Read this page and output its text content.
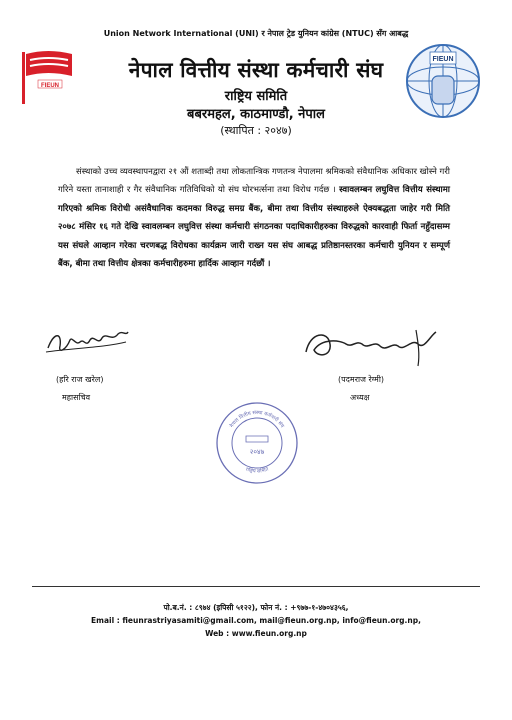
Union Network International (UNI) र नेपाल ट्रेड युनियन कांग्रेस (NTUC) सँग आबद्ध
FIEUN
नेपाल वित्तीय संस्था कर्मचारी संघ
राष्ट्रिय समिति
बबरमहल, काठमाण्डौ, नेपाल
(स्थापित : २०४७)
FIEUN
संस्थाको उच्च व्यवस्थापनद्वारा २१ औं शताब्दी तथा लोकतान्त्रिक गणतन्त्र नेपालमा श्रमिकको संवैधानिक अधिकार खोस्ने गरी गरिने यस्ता तानाशाही र गैर संवैधानिक गतिविधिको यो संघ घोरभर्त्सना तथा विरोध गर्दछ । स्वावलम्बन लघुवित्त वित्तीय संस्थामा गरिएको श्रमिक विरोधी असंवैधानिक कदमका विरुद्ध समग्र बैंक, बीमा तथा वित्तीय संस्थाहरुले ऐक्यबद्धता जाहेर गरी मिति २०७८ मंसिर १६ गते देखि स्वावलम्बन लघुवित्त संस्था कर्मचारी संगठनका पदाधिकारीहरुका विरुद्धको कारवाही फिर्ता नहुँदासम्म यस संघले आव्हान गरेका चरणबद्ध विरोधका कार्यक्रम जारी राख्न यस संघ आबद्ध प्रतिष्ठानस्तरका कर्मचारी युनियन र सम्पूर्ण बैंक, बीमा तथा वित्तीय क्षेत्रका कर्मचारीहरुमा हार्दिक आव्हान गर्दछौं ।
(हरि राज खरेल)
महासचिव
(पदमराज रेग्मी)
अध्यक्ष
नेपाल वित्तीय संस्था कर्मचारी संघ
राष्ट्रिय समिति
२०४७
पो.ब.नं. : ८९७४ (इपिसी ५१२२), फोन नं. : +९७७-१-४७०४३५६,
Email : fieunrastriyasamiti@gmail.com, mail@fieun.org.np, info@fieun.org.np,
Web : www.fieun.org.np
